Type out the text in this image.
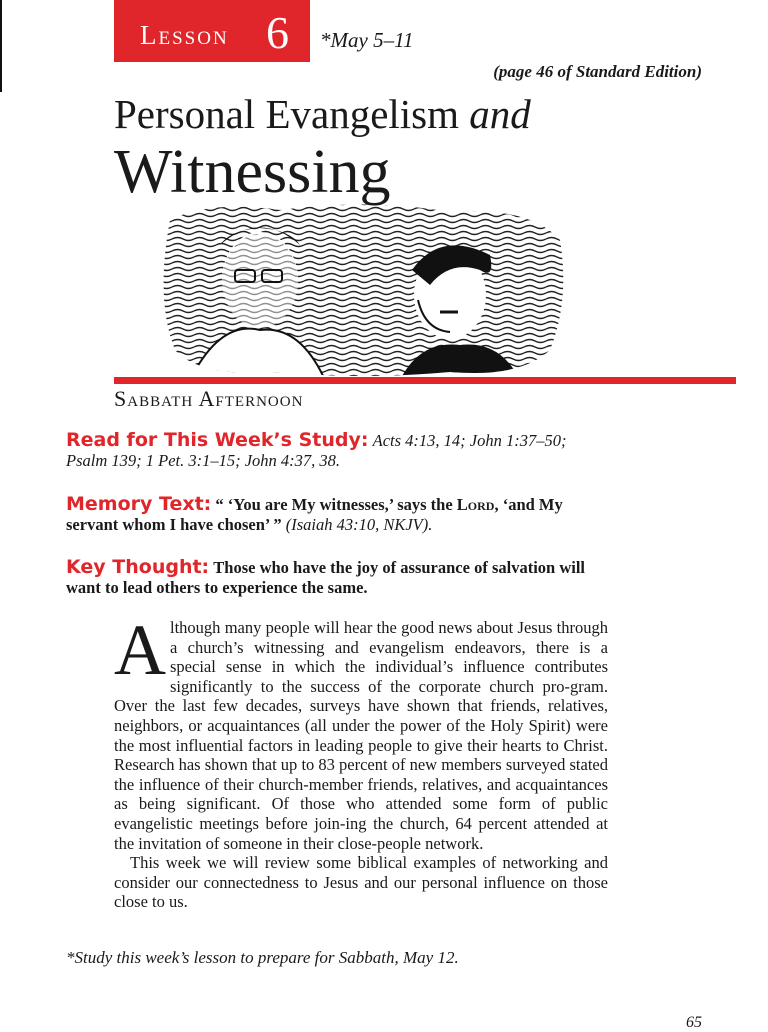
Lesson 6 *May 5–11
(page 46 of Standard Edition)
Personal Evangelism and
Witnessing
Sabbath Afternoon
Read for This Week’s Study: Acts 4:13, 14; John 1:37–50; Psalm 139; 1 Pet. 3:1–15; John 4:37, 38.
Memory Text: “ ‘You are My witnesses,’ says the Lord, ‘and My servant whom I have chosen’ ” (Isaiah 43:10, NKJV).
Key Thought: Those who have the joy of assurance of salvation will want to lead others to experience the same.

Although many people will hear the good news about Jesus through a church’s witnessing and evangelism endeavors, there is a special sense in which the individual’s influence contributes significantly to the success of the corporate church pro-gram. Over the last few decades, surveys have shown that friends, relatives, neighbors, or acquaintances (all under the power of the Holy Spirit) were the most influential factors in leading people to give their hearts to Christ. Research has shown that up to 83 percent of new members surveyed stated the influence of their church-member friends, relatives, and acquaintances as being significant. Of those who attended some form of public evangelistic meetings before join-ing the church, 64 percent attended at the invitation of someone in their close-people network.

This week we will review some biblical examples of networking and consider our connectedness to Jesus and our personal influence on those close to us.

*Study this week’s lesson to prepare for Sabbath, May 12.
65
